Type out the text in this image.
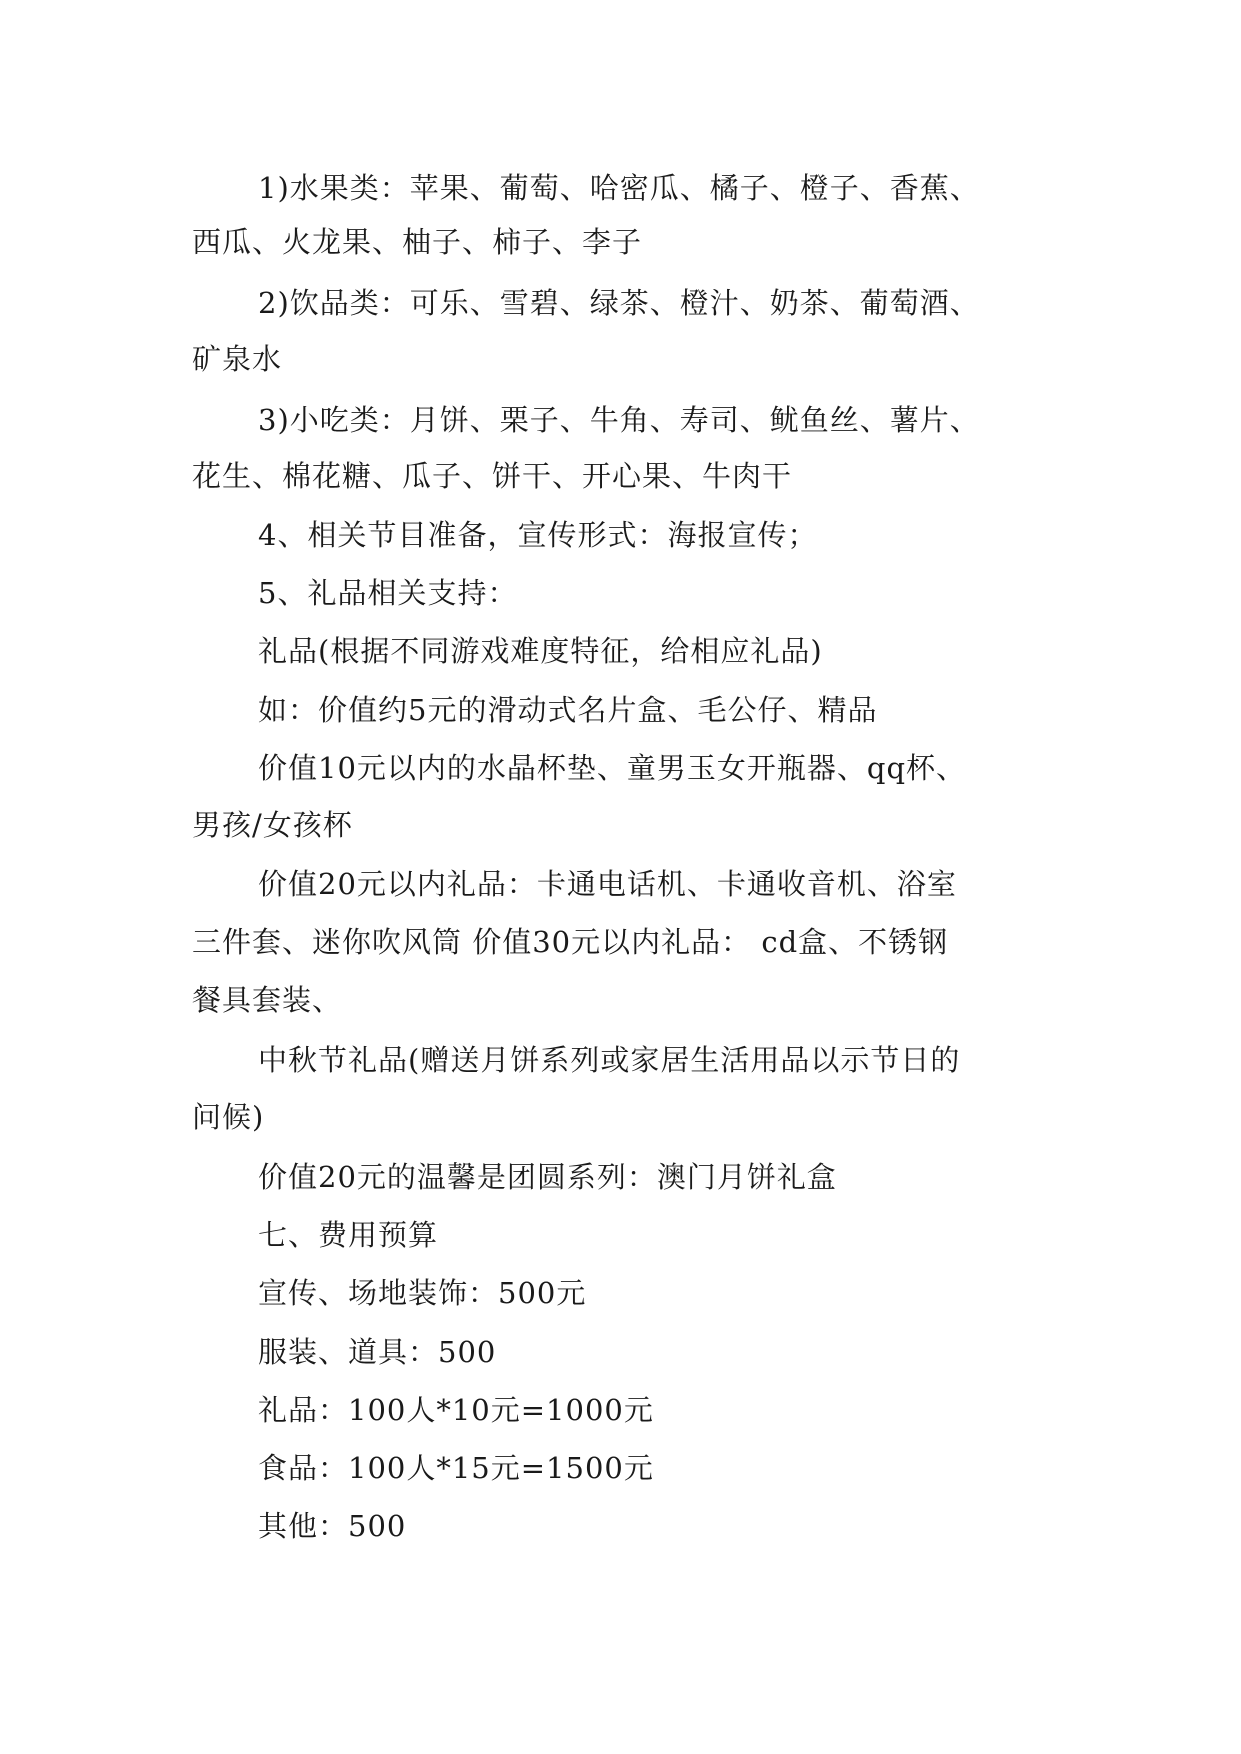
1)水果类：苹果、葡萄、哈密瓜、橘子、橙子、香蕉、
西瓜、火龙果、柚子、柿子、李子
2)饮品类：可乐、雪碧、绿茶、橙汁、奶茶、葡萄酒、
矿泉水
3)小吃类：月饼、栗子、牛角、寿司、鱿鱼丝、薯片、
花生、棉花糖、瓜子、饼干、开心果、牛肉干
4、相关节目准备，宣传形式：海报宣传；
5、礼品相关支持：
礼品(根据不同游戏难度特征，给相应礼品)
如：价值约5元的滑动式名片盒、毛公仔、精品
价值10元以内的水晶杯垫、童男玉女开瓶器、qq杯、
男孩/女孩杯
价值20元以内礼品：卡通电话机、卡通收音机、浴室
三件套、迷你吹风筒 价值30元以内礼品： cd盒、不锈钢
餐具套装、
中秋节礼品(赠送月饼系列或家居生活用品以示节日的
问候)
价值20元的温馨是团圆系列：澳门月饼礼盒
七、费用预算
宣传、场地装饰：500元
服装、道具：500
礼品：100人*10元=1000元
食品：100人*15元=1500元
其他：500
